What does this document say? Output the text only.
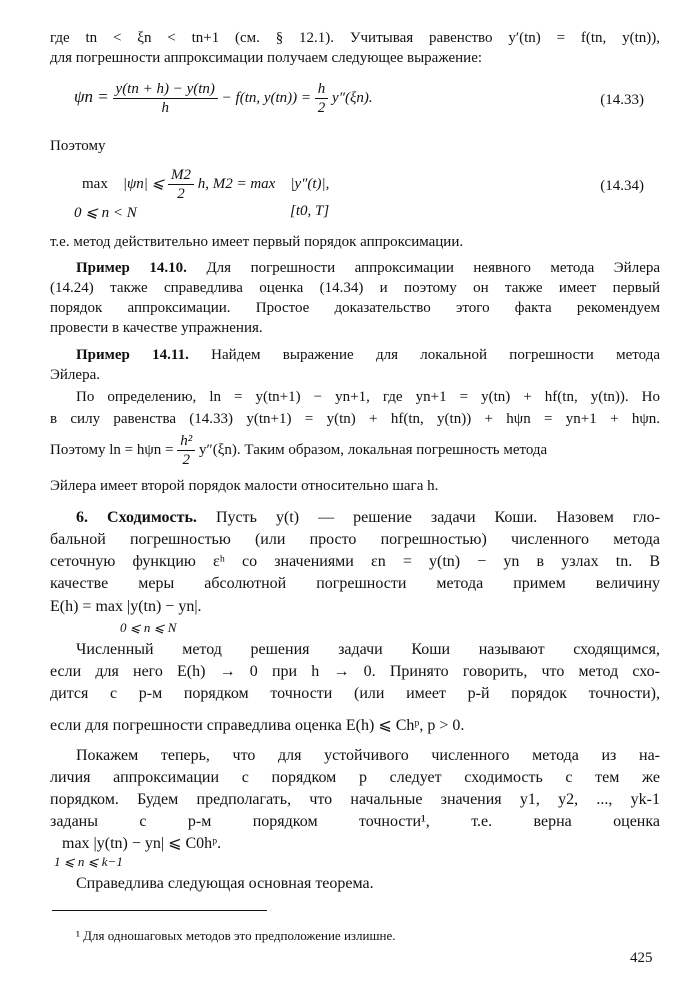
где tn < ξn < tn+1 (см. § 12.1). Учитывая равенство y′(tn) = f(tn, y(tn)),
для погрешности аппроксимации получаем следующее выражение:
$\psi n = \frac{y(tn + h) - y(tn)}{h} - f(tn$, $y(tn)) = \frac{h}{2} y''(\xi n)$.	(14.33)
Поэтому
max |ψn| ⩽ $\frac{M2}{2} h$, M2 = max |y″(t)|,
0 ⩽ n < N	[t0, T]
(14.34)
т.е. метод действительно имеет первый порядок аппроксимации.
Пример 14.10. Для погрешности аппроксимации неявного метода Эйлера
(14.24) также справедлива оценка (14.34) и поэтому он также имеет первый
порядок аппроксимации. Простое доказательство этого факта рекомендуем
провести в качестве упражнения.
Пример 14.11. Найдем выражение для локальной погрешности метода
Эйлера.
По определению, ln = y(tn+1) − yn+1, где yn+1 = y(tn) + hf(tn, y(tn)). Но
в силу равенства (14.33) y(tn+1) = y(tn) + hf(tn, y(tn)) + hψn = yn+1 + hψn.
Поэтому $\ln = h\psi n = \frac{\text{h²}}{2} y''(\xi n)$. Таким образом, локальная погрешность метода
Эйлера имеет второй порядок малости относительно шага h.
6. Сходимость. Пусть y(t) — решение задачи Коши. Назовем гло-
бальной погрешностью (или просто погрешностью) численного метода
сеточную функцию εʰ со значениями εn = y(tn) − yn в узлах tn. В
качестве меры абсолютной погрешности метода примем величину
E(h) = max |y(tn) − yn|.
0 ⩽ n ⩽ N
Численный метод решения задачи Коши называют сходящимся,
если для него E(h) → 0 при h → 0. Принято говорить, что метод схо-
дится с p-м порядком точности (или имеет p-й порядок точности),
если для погрешности справедлива оценка E(h) ⩽ Chᵖ, p > 0.
Покажем теперь, что для устойчивого численного метода из на-
личия аппроксимации с порядком p следует сходимость с тем же
порядком. Будем предполагать, что начальные значения y1, y2, ..., yk-1
заданы с p-м порядком точности¹, т.е. верна оценка
max |y(tn) − yn| ⩽ C0hᵖ.
1 ⩽ n ⩽ k−1
Справедлива следующая основная теорема.
¹ Для одношаговых методов это предположение излишне.
425
